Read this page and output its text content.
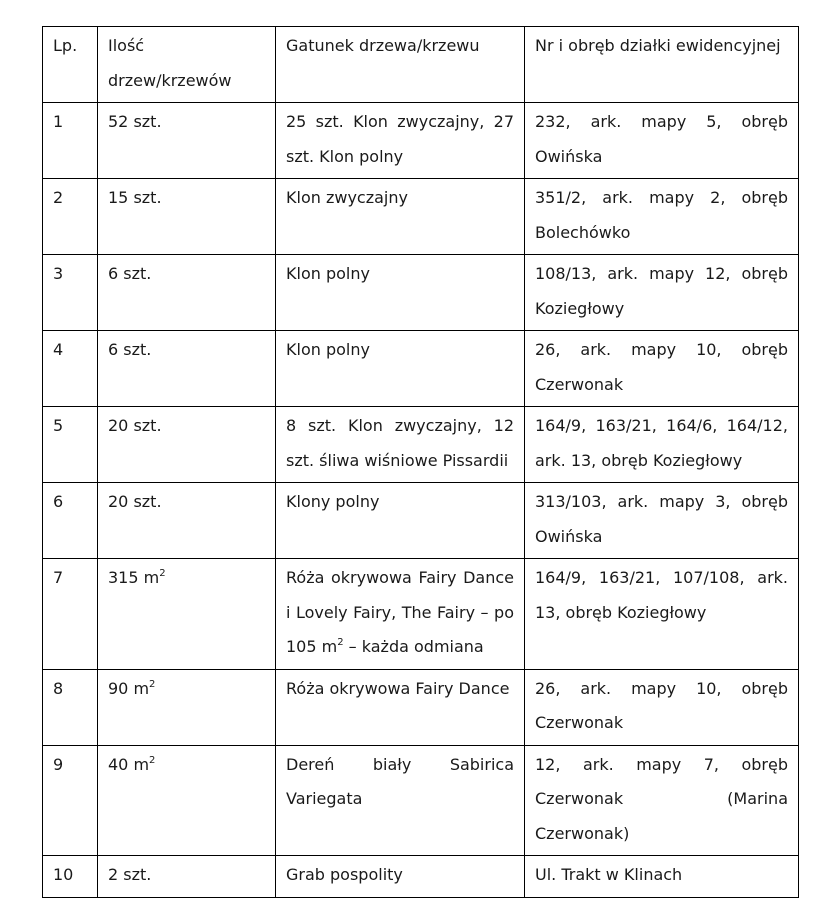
Lp.	Ilość drzew/krzewów	Gatunek drzewa/krzewu	Nr i obręb działki ewidencyjnej
1	52 szt.	25 szt. Klon zwyczajny, 27 szt. Klon polny	232, ark. mapy 5, obręb Owińska
2	15 szt.	Klon zwyczajny	351/2, ark. mapy 2, obręb Bolechówko
3	6 szt.	Klon polny	108/13, ark. mapy 12, obręb Koziegłowy
4	6 szt.	Klon polny	26, ark. mapy 10, obręb Czerwonak
5	20 szt.	8 szt. Klon zwyczajny, 12 szt. śliwa wiśniowe Pissardii	164/9, 163/21, 164/6, 164/12, ark. 13, obręb Koziegłowy
6	20 szt.	Klony polny	313/103, ark. mapy 3, obręb Owińska
7	315 $m^2$	Róża okrywowa Fairy Dance i Lovely Fairy, The Fairy – po 105 $m^2$ – każda odmiana	164/9, 163/21, 107/108, ark. 13, obręb Koziegłowy
8	90 $m^2$	Róża okrywowa Fairy Dance	26, ark. mapy 10, obręb Czerwonak
9	40 $m^2$	Dereń biały Sabirica Variegata	12, ark. mapy 7, obręb Czerwonak (Marina Czerwonak)
10	2 szt.	Grab pospolity	Ul. Trakt w Klinach
